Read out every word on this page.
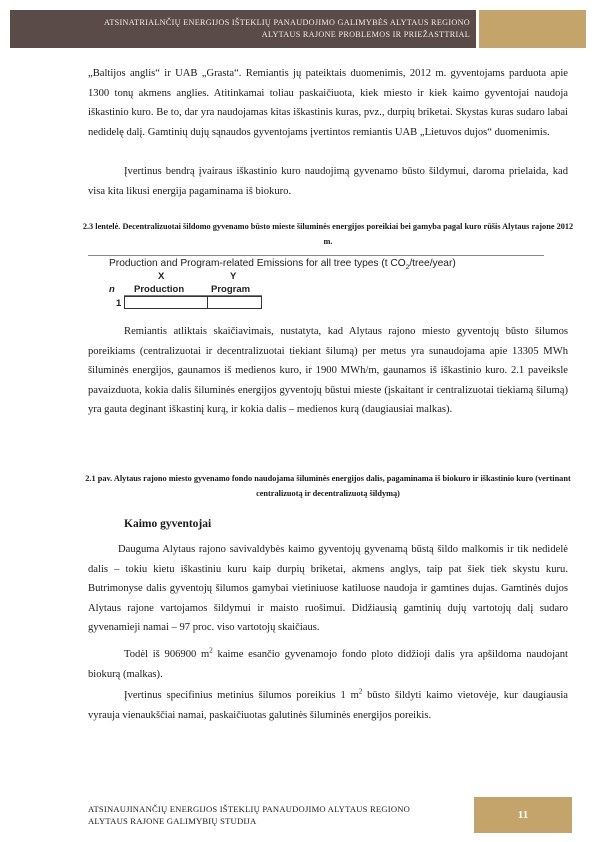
ATSINATRIALNČIŲ ENERGIJOS IŠTEKLIŲ PANAUDOJIMO GALIMYBĖS ALYTAUS REGIONO
ALYTAUS RAJONE PROBLEMOS IR PRIEŽASTTRIAL
„Baltijos anglis“ ir UAB „Grasta“. Remiantis jų pateiktais duomenimis, 2012 m. gyventojams parduota apie 1300 tonų akmens anglies. Atitinkamai toliau paskaičiuota, kiek miesto ir kiek kaimo gyventojai naudoja iškastinio kuro. Be to, dar yra naudojamas kitas iškastinis kuras, pvz., durpių briketai. Skystas kuras sudaro labai nedidelę dalį. Gamtinių dujų sąnaudos gyventojams įvertintos remiantis UAB „Lietuvos dujos“ duomenimis.
Įvertinus bendrą įvairaus iškastinio kuro naudojimą gyvenamo būsto šildymui, daroma prielaida, kad visa kita likusi energija pagaminama iš biokuro.
2.3 lentelė. Decentralizuotai šildomo gyvenamo būsto mieste šiluminės energijos poreikiai bei gamyba pagal kuro rūšis Alytaus rajone 2012 m.
Production and Program-related Emissions for all tree types (t $CO_2/tree/year$)
X	Y
n Production	Program
1
Remiantis atliktais skaičiavimais, nustatyta, kad Alytaus rajono miesto gyventojų būsto šilumos poreikiams (centralizuotai ir decentralizuotai tiekiant šilumą) per metus yra sunaudojama apie 13305 MWh šiluminės energijos, gaunamos iš medienos kuro, ir 1900 MWh/m, gaunamos iš iškastinio kuro. 2.1 paveiksle pavaizduota, kokia dalis šiluminės energijos gyventojų būstui mieste (įskaitant ir centralizuotai tiekiamą šilumą) yra gauta deginant iškastinį kurą, ir kokia dalis – medienos kurą (daugiausiai malkas).
2.1 pav. Alytaus rajono miesto gyvenamo fondo naudojama šiluminės energijos dalis, pagaminama iš biokuro ir iškastinio kuro (vertinant centralizuotą ir decentralizuotą šildymą)
Kaimo gyventojai
Dauguma Alytaus rajono savivaldybės kaimo gyventojų gyvenamą būstą šildo malkomis ir tik nedidelė dalis – tokiu kietu iškastiniu kuru kaip durpių briketai, akmens anglys, taip pat šiek tiek skystu kuru. Butrimonyse dalis gyventojų šilumos gamybai vietiniuose katiluose naudoja ir gamtines dujas. Gamtinės dujos Alytaus rajone vartojamos šildymui ir maisto ruošimui. Didžiausią gamtinių dujų vartotojų dalį sudaro gyvenamieji namai – 97 proc. viso vartotojų skaičiaus.
Todėl iš 906900 $m^2$ kaime esančio gyvenamojo fondo ploto didžioji dalis yra apšildoma naudojant biokurą (malkas).
Įvertinus specifinius metinius šilumos poreikius 1 $m^2$ būsto šildyti kaimo vietovėje, kur daugiausia vyrauja vienaukščiai namai, paskaičiuotas galutinės šiluminės energijos poreikis.
ATSINAUJINANČIŲ ENERGIJOS IŠTEKLIŲ PANAUDOJIMO ALYTAUS REGIONO
ALYTAUS RAJONE GALIMYBIŲ STUDIJA	11
